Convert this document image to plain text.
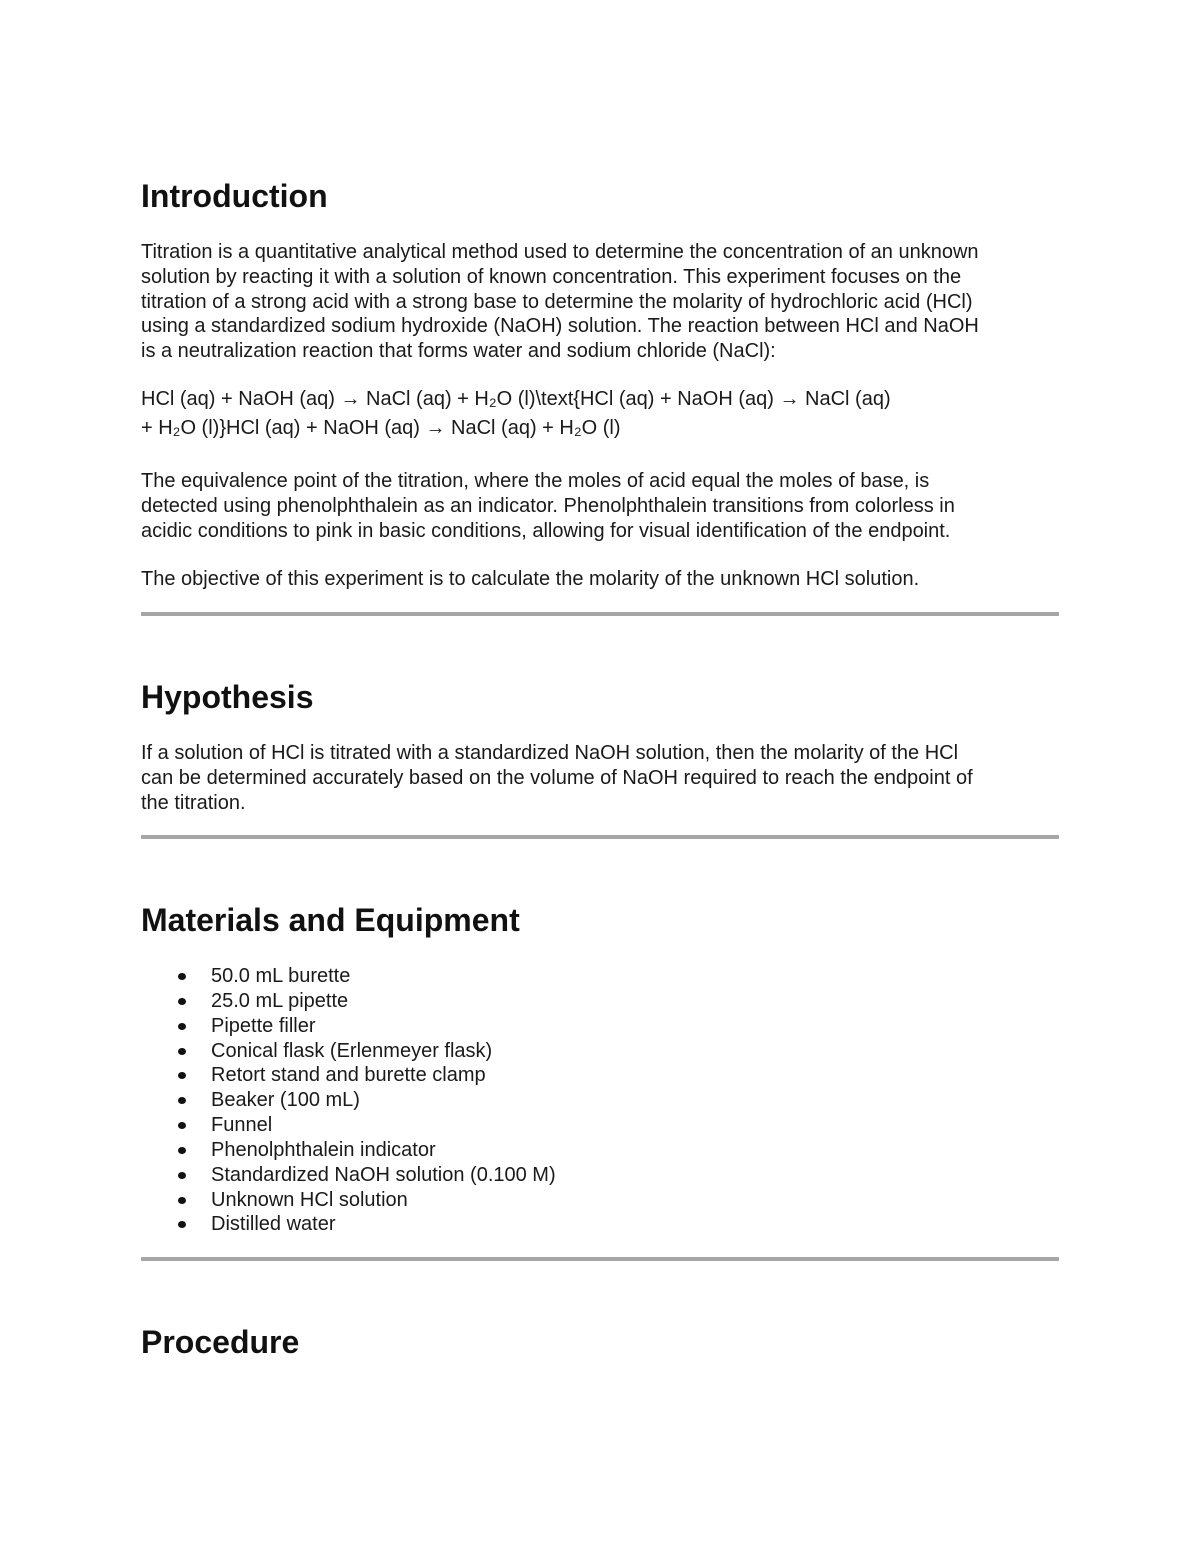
Introduction

Titration is a quantitative analytical method used to determine the concentration of an unknown

solution by reacting it with a solution of known concentration. This experiment focuses on the

titration of a strong acid with a strong base to determine the molarity of hydrochloric acid (HCl)

using a standardized sodium hydroxide (NaOH) solution. The reaction between HCl and NaOH

is a neutralization reaction that forms water and sodium chloride (NaCl):

HCl (aq) + NaOH (aq) → NaCl (aq) + H₂O (l)\text{HCl (aq) + NaOH (aq) → NaCl (aq)

+ H₂O (l)}HCl (aq) + NaOH (aq) → NaCl (aq) + H₂O (l)

The equivalence point of the titration, where the moles of acid equal the moles of base, is

detected using phenolphthalein as an indicator. Phenolphthalein transitions from colorless in

acidic conditions to pink in basic conditions, allowing for visual identification of the endpoint.

The objective of this experiment is to calculate the molarity of the unknown HCl solution.

Hypothesis

If a solution of HCl is titrated with a standardized NaOH solution, then the molarity of the HCl

can be determined accurately based on the volume of NaOH required to reach the endpoint of

the titration.

Materials and Equipment
50.0 mL burette
25.0 mL pipette
Pipette filler
Conical flask (Erlenmeyer flask)
Retort stand and burette clamp
Beaker (100 mL)
Funnel
Phenolphthalein indicator
Standardized NaOH solution (0.100 M)
Unknown HCl solution
Distilled water
Procedure
